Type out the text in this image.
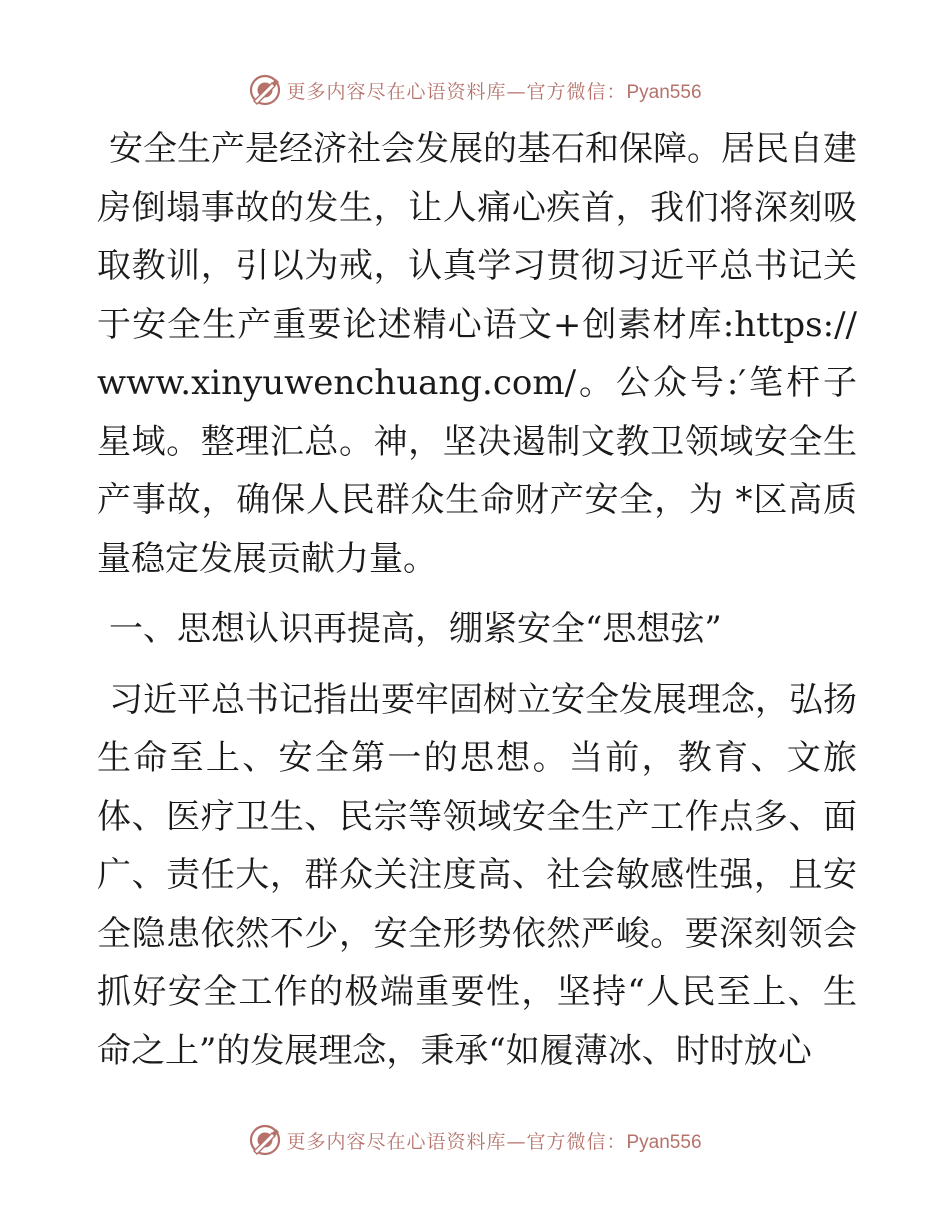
更多内容尽在心语资料库—官方微信：Pyan556

安全生产是经济社会发展的基石和保障。居民自建房倒塌事故的发生，让人痛心疾首，我们将深刻吸取教训，引以为戒，认真学习贯彻习近平总书记关于安全生产重要论述精心语文+创素材库:https://www.xinyuwenchuang.com/。公众号:′笔杆子星域。整理汇总。神，坚决遏制文教卫领域安全生产事故，确保人民群众生命财产安全，为 *区高质量稳定发展贡献力量。

一、思想认识再提高，绷紧安全“思想弦”

习近平总书记指出要牢固树立安全发展理念，弘扬生命至上、安全第一的思想。当前，教育、文旅体、医疗卫生、民宗等领域安全生产工作点多、面广、责任大，群众关注度高、社会敏感性强，且安全隐患依然不少，安全形势依然严峻。要深刻领会抓好安全工作的极端重要性，坚持“人民至上、生命之上”的发展理念，秉承“如履薄冰、时时放心

更多内容尽在心语资料库—官方微信：Pyan556
